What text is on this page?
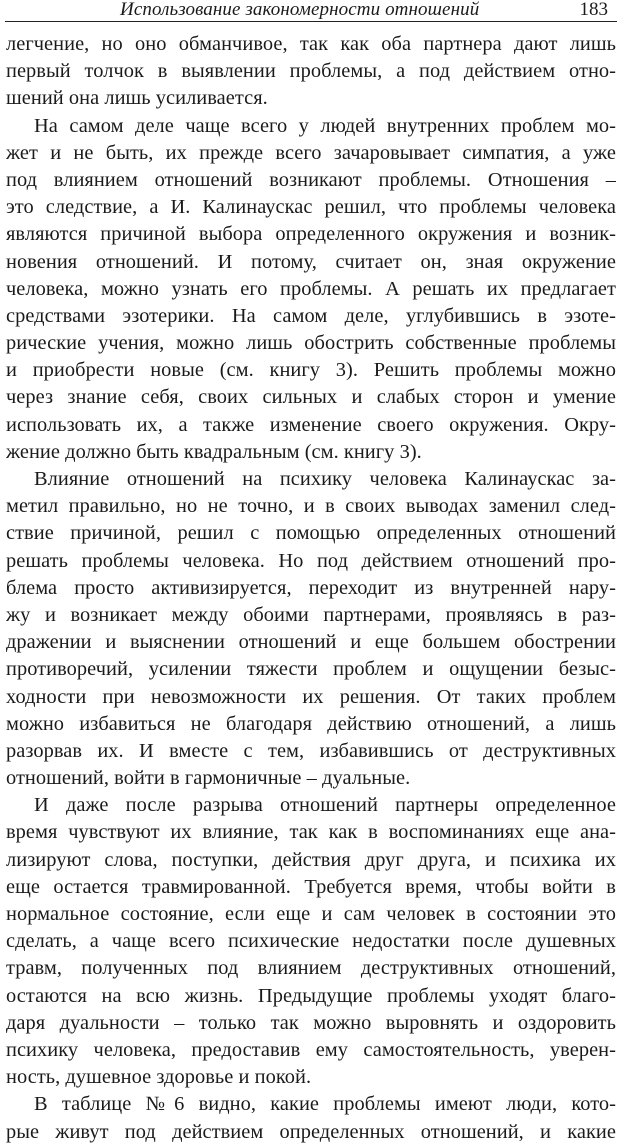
Использование закономерности отношений	183
легчение, но оно обманчивое, так как оба партнера дают лишь
первый толчок в выявлении проблемы, а под действием отно-
шений она лишь усиливается.
На самом деле чаще всего у людей внутренних проблем мо-
жет и не быть, их прежде всего зачаровывает симпатия, а уже
под влиянием отношений возникают проблемы. Отношения –
это следствие, а И. Калинаускас решил, что проблемы человека
являются причиной выбора определенного окружения и возник-
новения отношений. И потому, считает он, зная окружение
человека, можно узнать его проблемы. А решать их предлагает
средствами эзотерики. На самом деле, углубившись в эзоте-
рические учения, можно лишь обострить собственные проблемы
и приобрести новые (см. книгу 3). Решить проблемы можно
через знание себя, своих сильных и слабых сторон и умение
использовать их, а также изменение своего окружения. Окру-
жение должно быть квадральным (см. книгу 3).
Влияние отношений на психику человека Калинаускас за-
метил правильно, но не точно, и в своих выводах заменил след-
ствие причиной, решил с помощью определенных отношений
решать проблемы человека. Но под действием отношений про-
блема просто активизируется, переходит из внутренней нару-
жу и возникает между обоими партнерами, проявляясь в раз-
дражении и выяснении отношений и еще большем обострении
противоречий, усилении тяжести проблем и ощущении безыс-
ходности при невозможности их решения. От таких проблем
можно избавиться не благодаря действию отношений, а лишь
разорвав их. И вместе с тем, избавившись от деструктивных
отношений, войти в гармоничные – дуальные.
И даже после разрыва отношений партнеры определенное
время чувствуют их влияние, так как в воспоминаниях еще ана-
лизируют слова, поступки, действия друг друга, и психика их
еще остается травмированной. Требуется время, чтобы войти в
нормальное состояние, если еще и сам человек в состоянии это
сделать, а чаще всего психические недостатки после душевных
травм, полученных под влиянием деструктивных отношений,
остаются на всю жизнь. Предыдущие проблемы уходят благо-
даря дуальности – только так можно выровнять и оздоровить
психику человека, предоставив ему самостоятельность, уверен-
ность, душевное здоровье и покой.
В таблице №6 видно, какие проблемы имеют люди, кото-
рые живут под действием определенных отношений, и какие
